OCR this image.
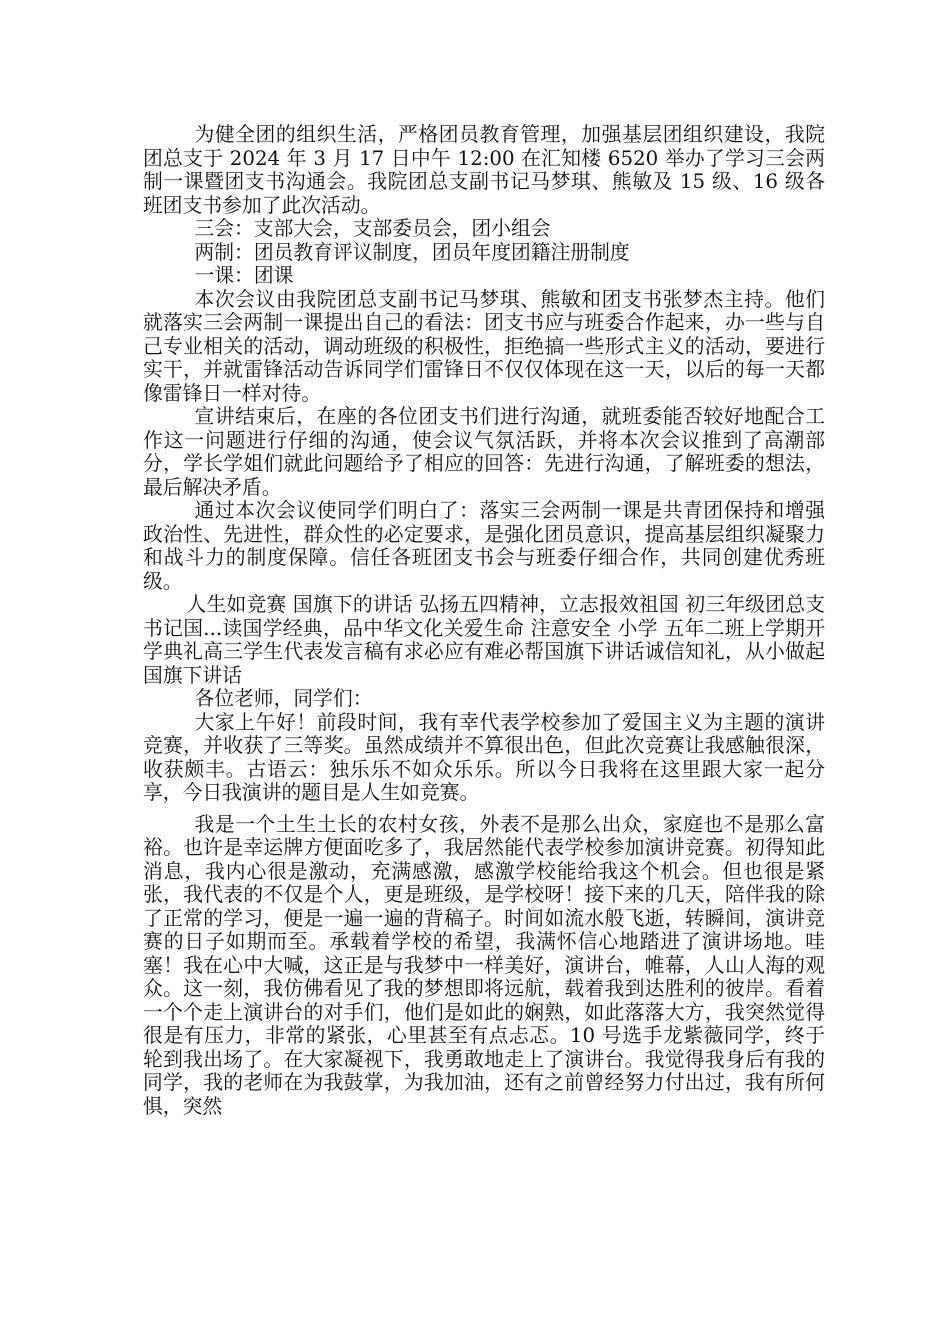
为健全团的组织生活，严格团员教育管理，加强基层团组织建设，我院团总支于 2024 年 3 月 17 日中午 12:00 在汇知楼 6520 举办了学习三会两制一课暨团支书沟通会。我院团总支副书记马梦琪、熊敏及 15 级、16 级各班团支书参加了此次活动。

三会：支部大会，支部委员会，团小组会

两制：团员教育评议制度，团员年度团籍注册制度

一课：团课

本次会议由我院团总支副书记马梦琪、熊敏和团支书张梦杰主持。他们就落实三会两制一课提出自己的看法：团支书应与班委合作起来，办一些与自己专业相关的活动，调动班级的积极性，拒绝搞一些形式主义的活动，要进行实干，并就雷锋活动告诉同学们雷锋日不仅仅体现在这一天，以后的每一天都像雷锋日一样对待。

宣讲结束后，在座的各位团支书们进行沟通，就班委能否较好地配合工作这一问题进行仔细的沟通，使会议气氛活跃，并将本次会议推到了高潮部分，学长学姐们就此问题给予了相应的回答：先进行沟通，了解班委的想法，最后解决矛盾。

通过本次会议使同学们明白了：落实三会两制一课是共青团保持和增强政治性、先进性，群众性的必定要求，是强化团员意识，提高基层组织凝聚力和战斗力的制度保障。信任各班团支书会与班委仔细合作，共同创建优秀班级。

人生如竞赛 国旗下的讲话 弘扬五四精神，立志报效祖国 初三年级团总支书记国...读国学经典，品中华文化关爱生命 注意安全 小学 五年二班上学期开学典礼高三学生代表发言稿有求必应有难必帮国旗下讲话诚信知礼，从小做起 国旗下讲话

各位老师，同学们：

大家上午好！前段时间，我有幸代表学校参加了爱国主义为主题的演讲竞赛，并收获了三等奖。虽然成绩并不算很出色，但此次竞赛让我感触很深，收获颇丰。古语云：独乐乐不如众乐乐。所以今日我将在这里跟大家一起分享，今日我演讲的题目是人生如竞赛。

我是一个土生土长的农村女孩，外表不是那么出众，家庭也不是那么富裕。也许是幸运牌方便面吃多了，我居然能代表学校参加演讲竞赛。初得知此消息，我内心很是激动，充满感激，感激学校能给我这个机会。但也很是紧张，我代表的不仅是个人，更是班级，是学校呀！接下来的几天，陪伴我的除了正常的学习，便是一遍一遍的背稿子。时间如流水般飞逝，转瞬间，演讲竞赛的日子如期而至。承载着学校的希望，我满怀信心地踏进了演讲场地。哇塞！我在心中大喊，这正是与我梦中一样美好，演讲台，帷幕，人山人海的观众。这一刻，我仿佛看见了我的梦想即将远航，载着我到达胜利的彼岸。看着一个个走上演讲台的对手们，他们是如此的娴熟，如此落落大方，我突然觉得很是有压力，非常的紧张，心里甚至有点忐忑。10 号选手龙紫薇同学，终于轮到我出场了。在大家凝视下，我勇敢地走上了演讲台。我觉得我身后有我的同学，我的老师在为我鼓掌，为我加油，还有之前曾经努力付出过，我有所何惧，突然
